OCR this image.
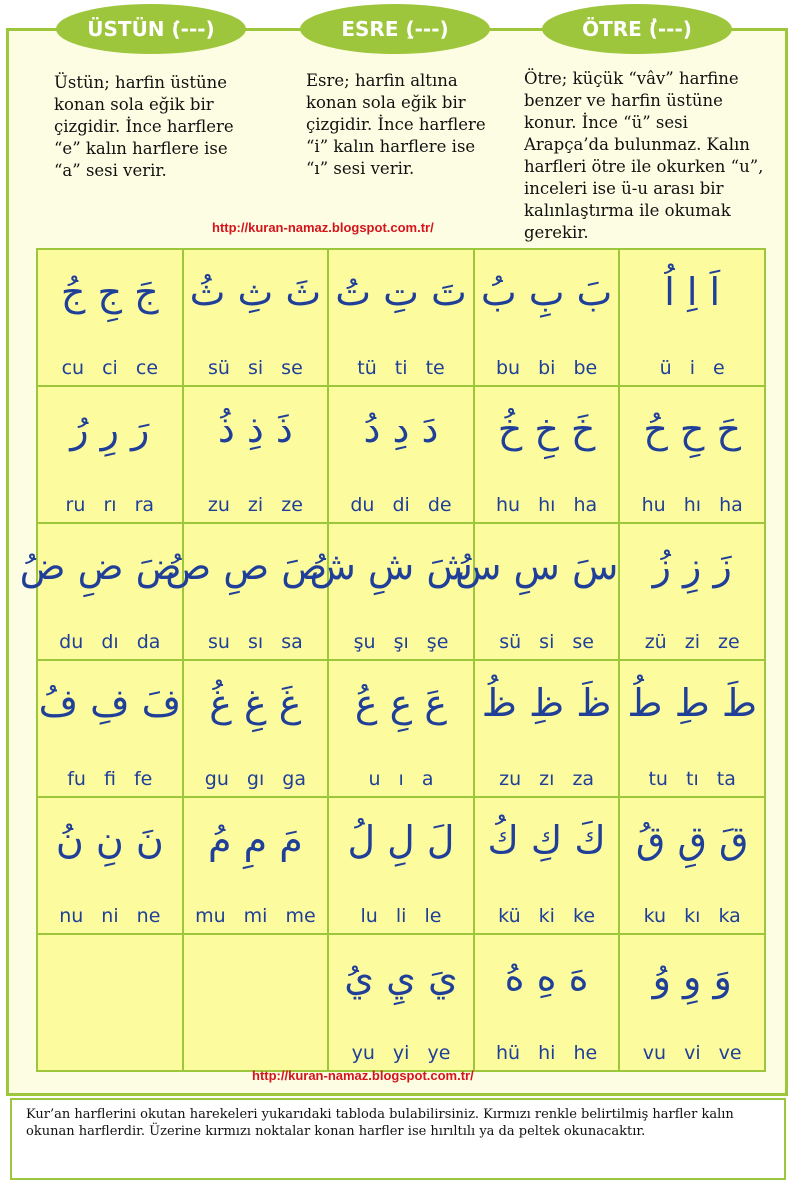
ÜSTÜN (َ---)	ESRE (ِ---)	ÖTRE (ُ---)
Üstün; harfin üstüne konan sola eğik bir çizgidir. İnce harflere “e” kalın harflere ise “a” sesi verir.
Esre; harfin altına konan sola eğik bir çizgidir. İnce harflere “i” kalın harflere ise “ı” sesi verir.
Ötre; küçük “vâv” harfine benzer ve harfin üstüne konur. İnce “ü” sesi Arapça’da bulunmaz. Kalın harfleri ötre ile okurken “u”, inceleri ise ü-u arası bir kalınlaştırma ile okumak gerekir.
http://kuran-namaz.blogspot.com.tr/
جَ جِ جُ
cu ci ce
ثَ ثِ ثُ
sü si se
تَ تِ تُ
tü ti te
بَ بِ بُ
bu bi be
اَ اِ اُ
ü i e
رَ رِ رُ
ru rı ra
ذَ ذِ ذُ
zu zi ze
دَ دِ دُ
du di de
خَ خِ خُ
hu hı ha
حَ حِ حُ
hu hı ha
ضَ ضِ ضُ
du dı da
صَ صِ صُ
su sı sa
شَ شِ شُ
şu şı şe
سَ سِ سُ
sü si se
زَ زِ زُ
zü zi ze
فَ فِ فُ
fu fi fe
غَ غِ غُ
gu gı ga
عَ عِ عُ
u ı a
ظَ ظِ ظُ
zu zı za
طَ طِ طُ
tu tı ta
نَ نِ نُ
nu ni ne
مَ مِ مُ
mu mi me
لَ لِ لُ
lu li le
كَ كِ كُ
kü ki ke
قَ قِ قُ
ku kı ka
يَ يِ يُ
yu yi ye
هَ هِ هُ
hü hi he
وَ وِ وُ
vu vi ve
http://kuran-namaz.blogspot.com.tr/

Kur’an harflerini okutan harekeleri yukarıdaki tabloda bulabilirsiniz. Kırmızı renkle belirtilmiş harfler kalın okunan harflerdir. Üzerine kırmızı noktalar konan harfler ise hırıltılı ya da peltek okunacaktır.
